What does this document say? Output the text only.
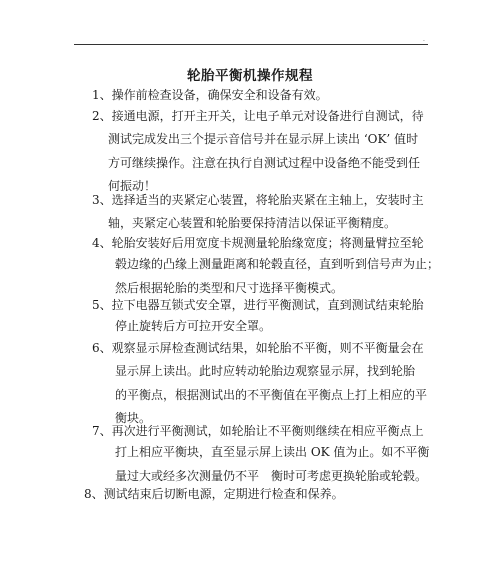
.
轮胎平衡机操作规程
1、操作前检查设备，确保安全和设备有效。
2、接通电源，打开主开关，让电子单元对设备进行自测试，待
测试完成发出三个提示音信号并在显示屏上读出 ‘OK’ 值时
方可继续操作。注意在执行自测试过程中设备绝不能受到任
何振动！
3、选择适当的夹紧定心装置，将轮胎夹紧在主轴上，安装时主
轴，夹紧定心装置和轮胎要保持清洁以保证平衡精度。
4、轮胎安装好后用宽度卡规测量轮胎缘宽度；将测量臂拉至轮
毂边缘的凸缘上测量距离和轮毂直径，直到听到信号声为止；
然后根据轮胎的类型和尺寸选择平衡模式。
5、拉下电器互锁式安全罩，进行平衡测试，直到测试结束轮胎
停止旋转后方可拉开安全罩。
6、观察显示屏检查测试结果，如轮胎不平衡，则不平衡量会在
显示屏上读出。此时应转动轮胎边观察显示屏，找到轮胎
的平衡点，根据测试出的不平衡值在平衡点上打上相应的平
衡块。
7、再次进行平衡测试，如轮胎让不平衡则继续在相应平衡点上
打上相应平衡块，直至显示屏上读出 OK 值为止。如不平衡
量过大或经多次测量仍不平　衡时可考虑更换轮胎或轮毂。
8、测试结束后切断电源，定期进行检查和保养。
